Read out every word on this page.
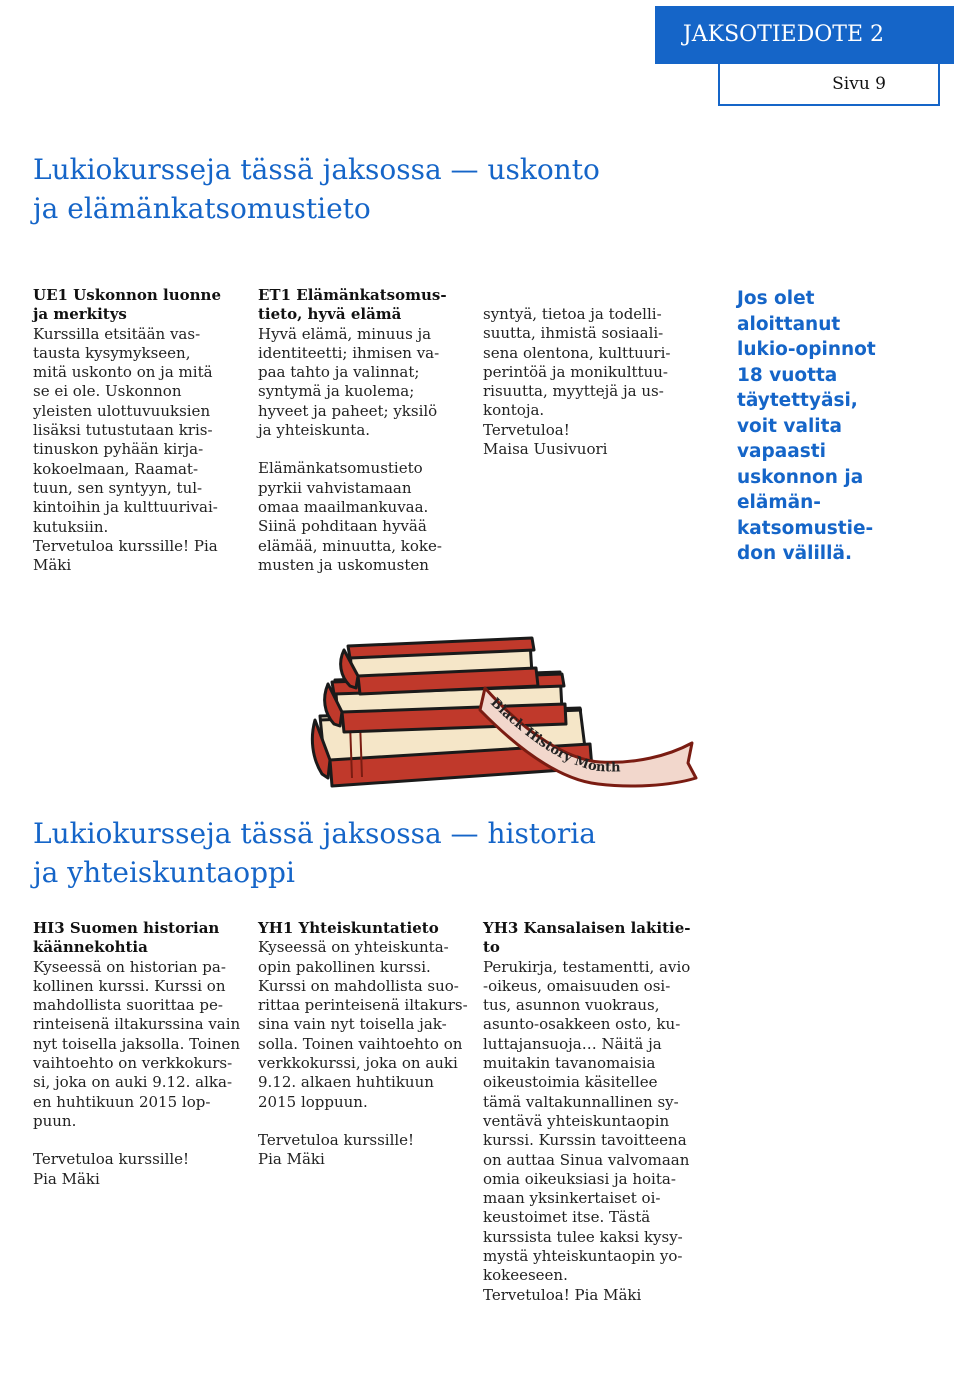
JAKSOTIEDOTE 2
Sivu 9
Lukiokursseja tässä jaksossa — uskonto
ja elämänkatsomustieto

UE1 Uskonnon luonne
ja merkitys

Kurssilla etsitään vas-
tausta kysymykseen,
mitä uskonto on ja mitä
se ei ole. Uskonnon
yleisten ulottuvuuksien
lisäksi tutustutaan kris-
tinuskon pyhään kirja-
kokoelmaan, Raamat-
tuun, sen syntyyn, tul-
kintoihin ja kulttuurivai-
kutuksiin.
Tervetuloa kurssille! Pia
Mäki

ET1 Elämänkatsomus-
tieto, hyvä elämä

Hyvä elämä, minuus ja
identiteetti; ihmisen va-
paa tahto ja valinnat;
syntymä ja kuolema;
hyveet ja paheet; yksilö
ja yhteiskunta.

Elämänkatsomustieto
pyrkii vahvistamaan
omaa maailmankuvaa.
Siinä pohditaan hyvää
elämää, minuutta, koke-
musten ja uskomusten

syntyä, tietoa ja todelli-
suutta, ihmistä sosiaali-
sena olentona, kulttuuri-
perintöä ja monikulttuu-
risuutta, myyttejä ja us-
kontoja.
Tervetuloa!
Maisa Uusivuori

Jos olet
aloittanut
lukio-opinnot
18 vuotta
täytettyäsi,
voit valita
vapaasti
uskonnon ja
elämän-
katsomustie-
don välillä.
Black History Month
Lukiokursseja tässä jaksossa — historia
ja yhteiskuntaoppi

HI3 Suomen historian
käännekohtia

Kyseessä on historian pa-
kollinen kurssi. Kurssi on
mahdollista suorittaa pe-
rinteisenä iltakurssina vain
nyt toisella jaksolla. Toinen
vaihtoehto on verkkokurs-
si, joka on auki 9.12. alka-
en huhtikuun 2015 lop-
puun.

Tervetuloa kurssille!
Pia Mäki

YH1 Yhteiskuntatieto

Kyseessä on yhteiskunta-
opin pakollinen kurssi.
Kurssi on mahdollista suo-
rittaa perinteisenä iltakurs-
sina vain nyt toisella jak-
solla. Toinen vaihtoehto on
verkkokurssi, joka on auki
9.12. alkaen huhtikuun
2015 loppuun.

Tervetuloa kurssille!
Pia Mäki

YH3 Kansalaisen lakitie-
to

Perukirja, testamentti, avio
-oikeus, omaisuuden osi-
tus, asunnon vuokraus,
asunto-osakkeen osto, ku-
luttajansuoja… Näitä ja
muitakin tavanomaisia
oikeustoimia käsitellee
tämä valtakunnallinen sy-
ventävä yhteiskuntaopin
kurssi. Kurssin tavoitteena
on auttaa Sinua valvomaan
omia oikeuksiasi ja hoita-
maan yksinkertaiset oi-
keustoimet itse. Tästä
kurssista tulee kaksi kysy-
mystä yhteiskuntaopin yo-
kokeeseen.
Tervetuloa! Pia Mäki
